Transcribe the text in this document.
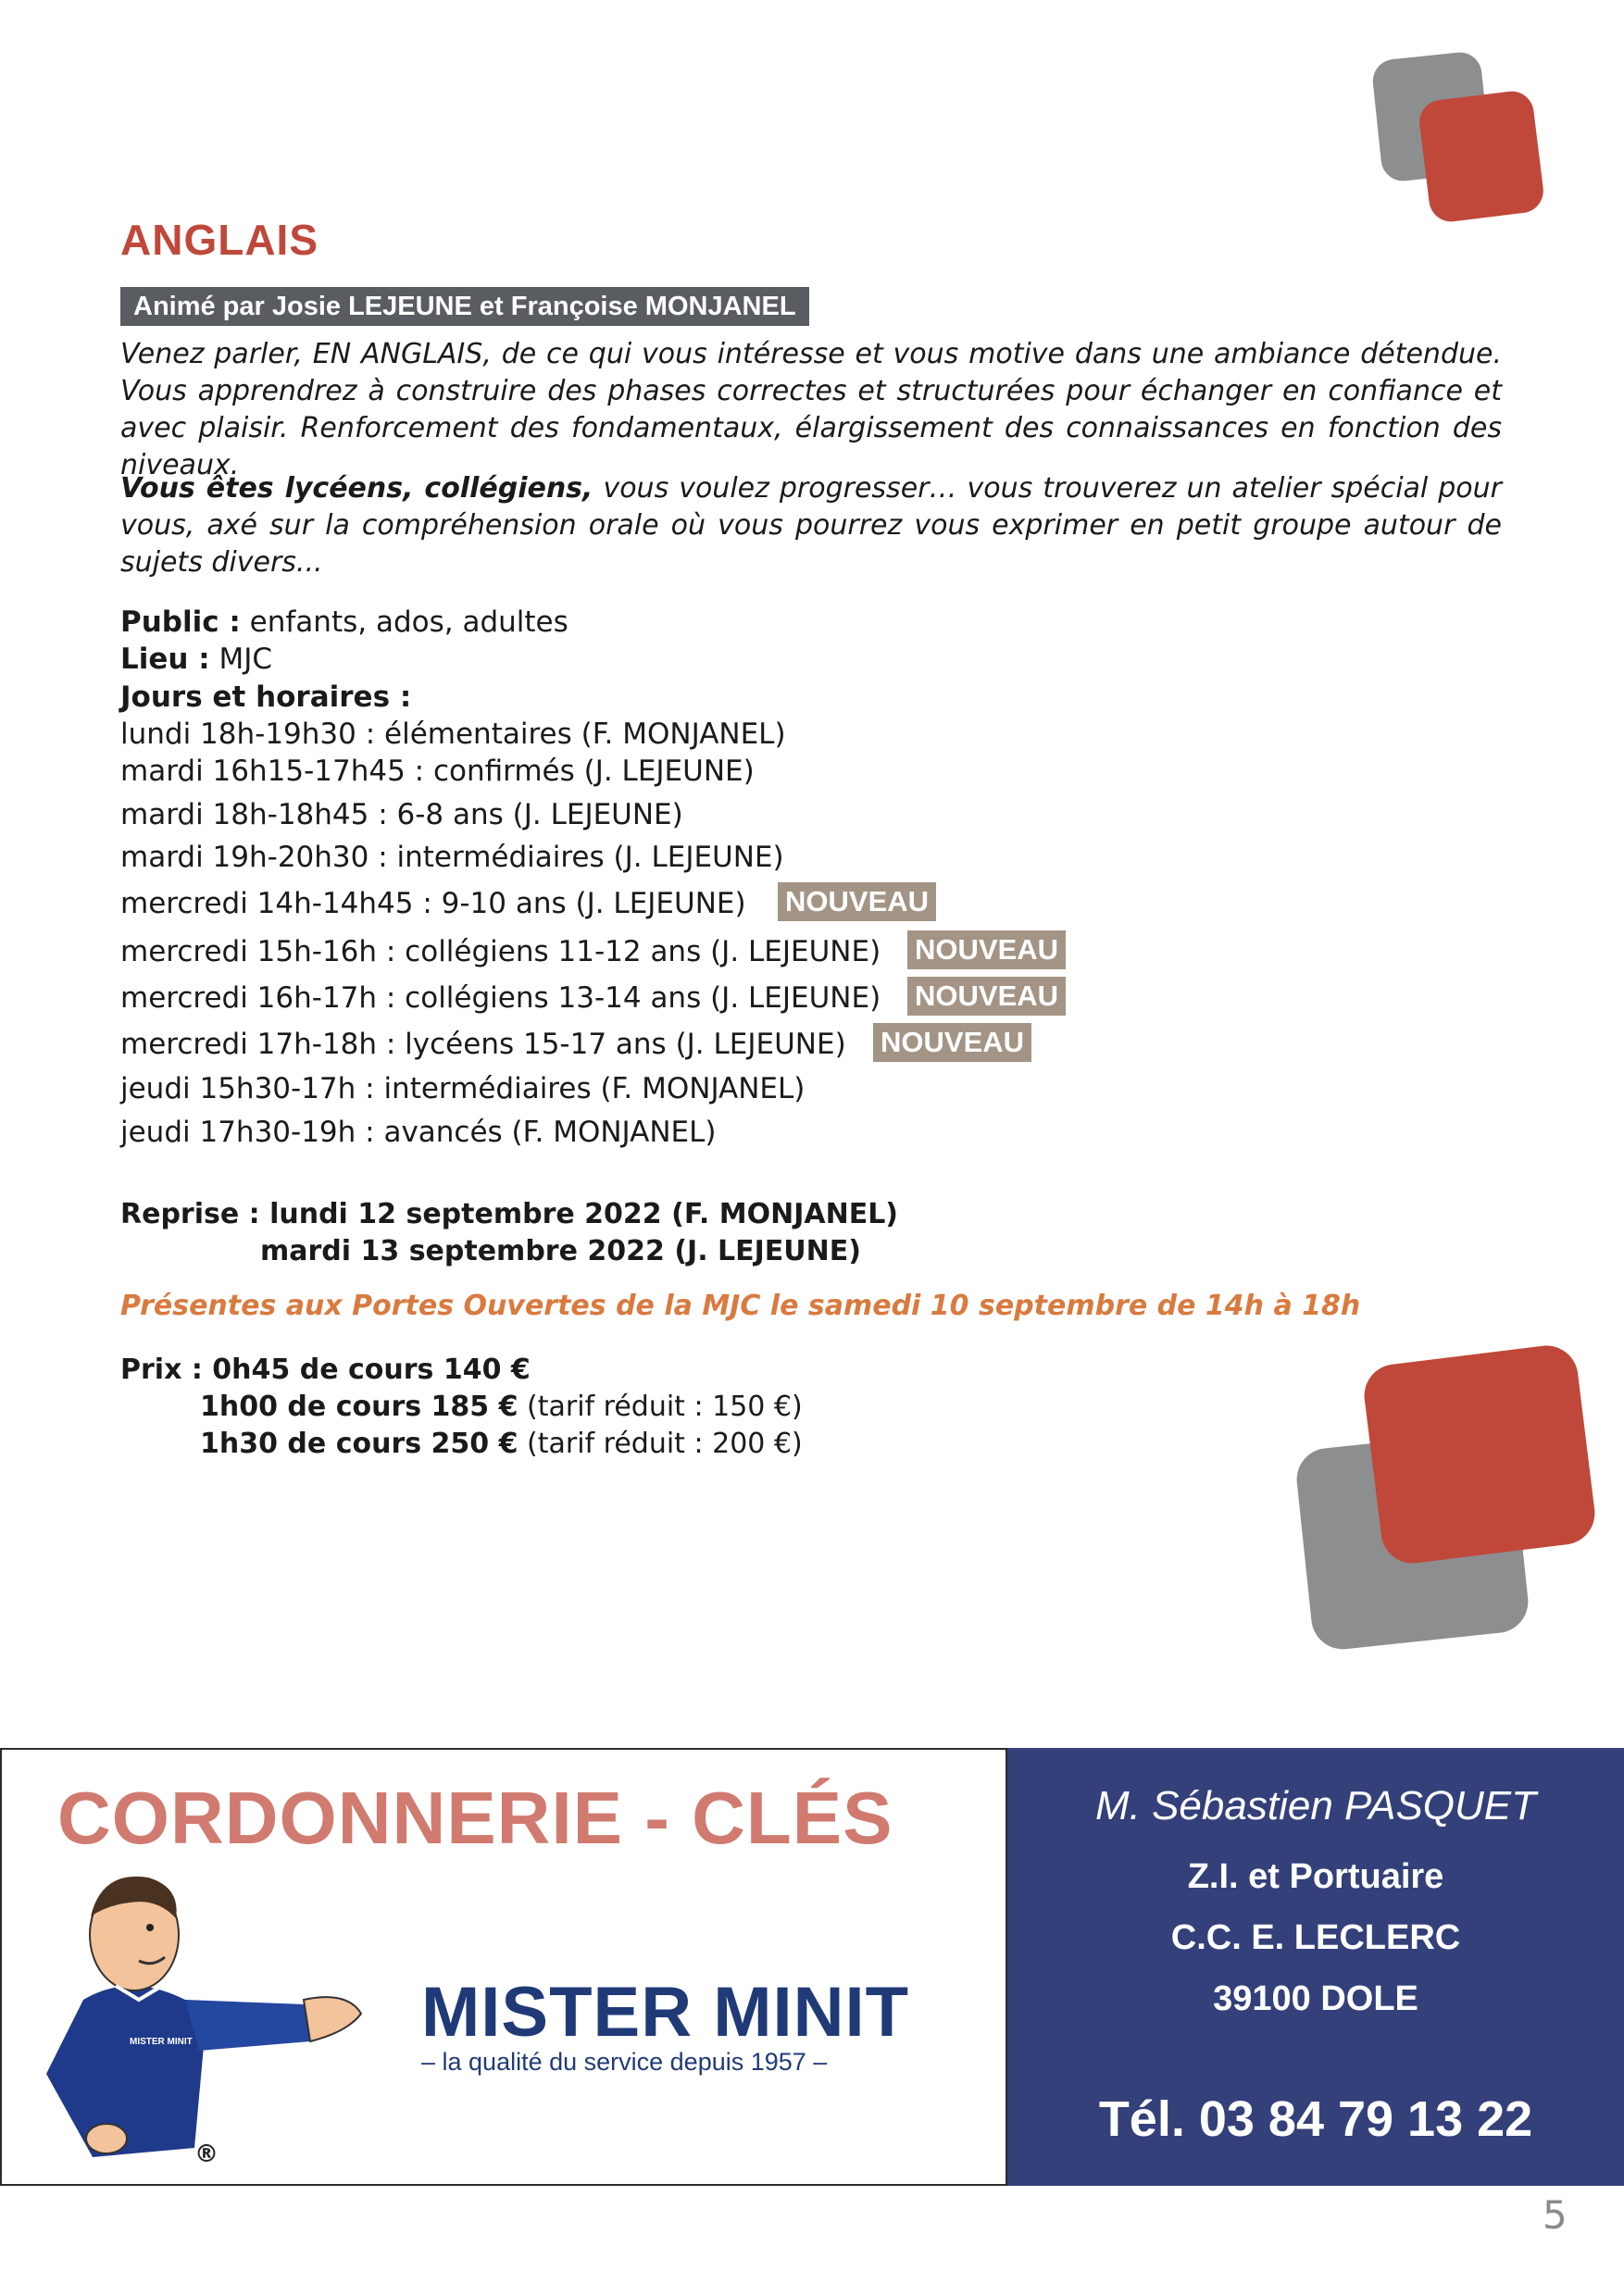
ANGLAIS
Animé par Josie LEJEUNE et Françoise MONJANEL
Venez parler, EN ANGLAIS, de ce qui vous intéresse et vous motive dans une ambiance détendue. Vous apprendrez à construire des phases correctes et structurées pour échanger en confiance et avec plaisir. Renforcement des fondamentaux, élargissement des connaissances en fonction des niveaux.
Vous êtes lycéens, collégiens, vous voulez progresser… vous trouverez un atelier spécial pour vous, axé sur la compréhension orale où vous pourrez vous exprimer en petit groupe autour de sujets divers...
Public : enfants, ados, adultes
Lieu : MJC
Jours et horaires :
lundi 18h-19h30 : élémentaires (F. MONJANEL)
mardi 16h15-17h45 : confirmés (J. LEJEUNE)
mardi 18h-18h45 : 6-8 ans (J. LEJEUNE)
mardi 19h-20h30 : intermédiaires (J. LEJEUNE)
mercredi 14h-14h45 : 9-10 ans (J. LEJEUNE) NOUVEAU
mercredi 15h-16h : collégiens 11-12 ans (J. LEJEUNE) NOUVEAU
mercredi 16h-17h : collégiens 13-14 ans (J. LEJEUNE) NOUVEAU
mercredi 17h-18h : lycéens 15-17 ans (J. LEJEUNE) NOUVEAU
jeudi 15h30-17h : intermédiaires (F. MONJANEL)
jeudi 17h30-19h : avancés (F. MONJANEL)
Reprise : lundi 12 septembre 2022 (F. MONJANEL)
mardi 13 septembre 2022 (J. LEJEUNE)
Présentes aux Portes Ouvertes de la MJC le samedi 10 septembre de 14h à 18h
Prix : 0h45 de cours 140 €
1h00 de cours 185 € (tarif réduit : 150 €)
1h30 de cours 250 € (tarif réduit : 200 €)
CORDONNERIE - CLÉS
MISTER MINIT
®
MISTER MINIT
– la qualité du service depuis 1957 –
M. Sébastien PASQUET
Z.I. et Portuaire
C.C. E. LECLERC
39100 DOLE
Tél. 03 84 79 13 22
5
